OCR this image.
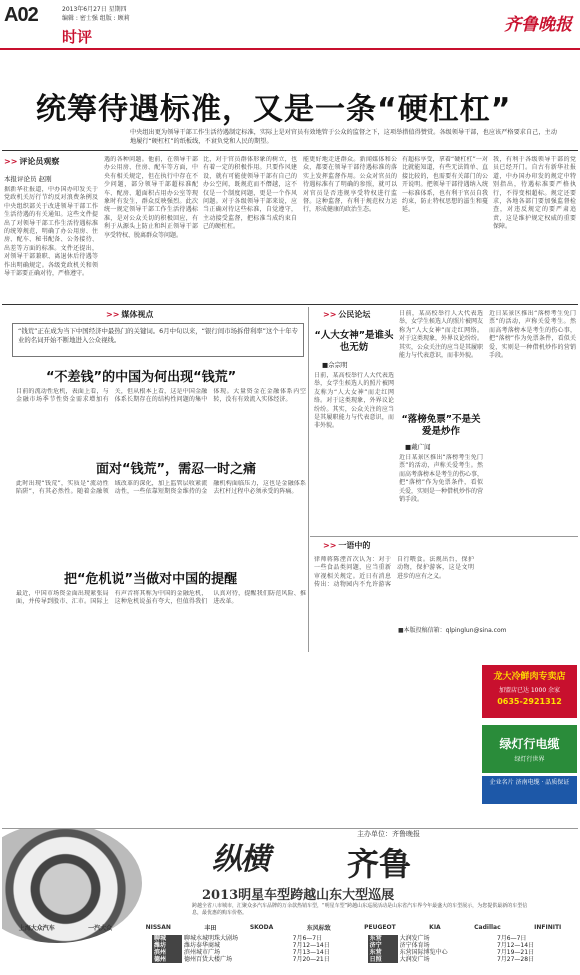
A02	2013年6月27日 星期四
编辑 : 密士强 组版 : 顾莉
时评
齐鲁晚报
统筹待遇标准，又是一条“硬杠杠”
中央组出更为领导干部工作生活待遇制定标准，实际上是对官员有效地管于公众的监督之下，这项举措值得赞赏。各级领导干部，也应该严格要求自己，主动地履行“硬杠杠”的纸板线，不衰负党和人民的期望。
>> 评论员观察
本报评论员 赵刚
据新华社报道，中办国办印发关于党政机关厉行节约反对浪费条例及中央组织部关于改进领导干部工作生活待遇的有关通知。这些文件提出了对领导干部工作生活待遇标准的统筹规范，明确了办公用房、住房、配车、秘书配备、公务接待、出差等方面的标准。文件还提出，对领导干部兼职、离退休后待遇等作出明确规定。各级党政机关和领导干部要正确对待，严格遵守。
遇的各种问题。他前，在领导干部办公用房、住房、配车等方面，中央有相关规定，但在执行中存在不少问题，部分领导干部超标准配车、配房、超面积占用办公室等现象时有发生，群众反映强烈。此次统一规定领导干部工作生活待遇标准，是对公众关切的积极回应，有利于从源头上防止和纠正领导干部享受特权、脱离群众等问题。
比，对于官员群体形象的树立，也有着一定的积极作用。只要作风建设，就有可能使领导干部有自己的办公空间，既规范而不僭越，这不仅是一个制度问题，更是一个作风问题。对于各级领导干部来说，应当正确对待这些标准，自觉遵守，主动接受监督，把标准当成约束自己的硬杠杠。
能更好地走进群众。新闻媒体和公众，都要在领导干部待遇标准的落实上发挥监督作用。公众对官员的待遇标准有了明确的参照，就可以对官员是否违规享受特权进行监督。这种监督，有利于规范权力运行，形成健康的政治生态。
有超标享受，拿着“硬杠杠”一对比就能知道，有些无法简单、直接比较的，也需要有关部门的公开说明。把领导干部待遇纳入统一标准体系，也有利于官员自我约束，防止特权思想的滋生和蔓延。
我，有利于各级领导干部的党员已经开门。自古有新华社报道，中办国办印发的规定中特别指出，待遇标准要严格执行，不得变相超标。规定还要求，各地各部门要加强监督检查，对违反规定的要严肃追责，这是维护规定权威的重要保障。
>> 媒体视点
“钱荒”正在成为当下中国经济中最热门的关键词。6月中旬以来，“银行间市场拆借利率”这个十年专业的名词开始不断地进入公众视线。
“不差钱”的中国为何出现“钱荒”
目前的流动性危机，表面上看，与金融市场季节性资金需求增加有关，但从根本上看，这是中国金融体系长期存在的结构性问题的集中体现。大量资金在金融体系内空转，没有有效流入实体经济。
面对“钱荒”，需忍一时之痛
此时出现“钱荒”，实质是“流动性陷阱”，有其必然性。随着金融领域改革的深化，加上监管层收紧流动性，一些依靠短期资金维持的金融机构面临压力，这也是金融体系去杠杆过程中必须承受的阵痛。
把“危机说”当做对中国的提醒
最近，中国市场资金面出现紧张局面，并传导到股市、汇市。国际上有声音将其称为中国的金融危机，这种危机说虽有夸大，但值得我们认真对待，提醒我们防范风险、推进改革。
>> 公民论坛
“人大女神”是谁头也无妨
■佘宗明
日前，某高校举行人大代表选举，女学生候选人的照片被网友称为“人大女神”而走红网络。对于这类现象，外界议论纷纷。其实，公众关注的应当是其履职能力与代表意识，而非外貌。
日前，某高校举行人大代表选举，女学生候选人的照片被网友称为“人大女神”而走红网络。对于这类现象，外界议论纷纷。其实，公众关注的应当是其履职能力与代表意识，而非外貌。
“落榜免票”不是关爱是炒作
■戴广闻
近日某景区推出“落榜考生免门票”的活动，声称关爱考生。然而高考落榜本是考生的伤心事，把“落榜”作为免票条件，看似关爱，实则是一种借机炒作的营销手段。
近日某景区推出“落榜考生免门票”的活动，声称关爱考生。然而高考落榜本是考生的伤心事，把“落榜”作为免票条件，看似关爱，实则是一种借机炒作的营销手段。
>> 一语中的
律师蒋陈湮首次认为：对于一些食品类问题，应当重新审视相关规定。近日有消息传出：动物园内不允许游客自行喂食。法规出台，保护动物，保护游客，这是文明进步的应有之义。
■本版投稿信箱：qlpinglun@sina.com
龙大冷鲜肉专卖店
加盟店已达 1000 余家
0635-2921312
绿灯行电缆
绿灯行世界
企业名片 济南电缆 · 品质保证
主办单位：齐鲁晚报
纵横 齐鲁
2013明星车型跨越山东大型巡展
跨越全省八市城市，汇聚众多汽车品牌的万余款热销车型，“明星车型”跨越山东巡展活动是山东省汽车界今年最盛大的车型展示，为您提供最新的车型信息，最优惠的购车价格。
上海大众汽车	一汽大众	NISSAN	丰田	SKODA	东风标致	PEUGEOT	KIA	Cadillac	INFINITI
聊城	聊城水城明珠大剧场	7月6—7日	东营	大润发广场	7月6—7日
潍坊	潍坊泰华商城	7月12—14日	济宁	济宁体育场	7月12—14日
滨州	滨州城市广场	7月13—14日	东营	东营国际博览中心	7月19—21日
德州	德州百货大楼广场	7月20—21日	日照	大润发广场	7月27—28日
